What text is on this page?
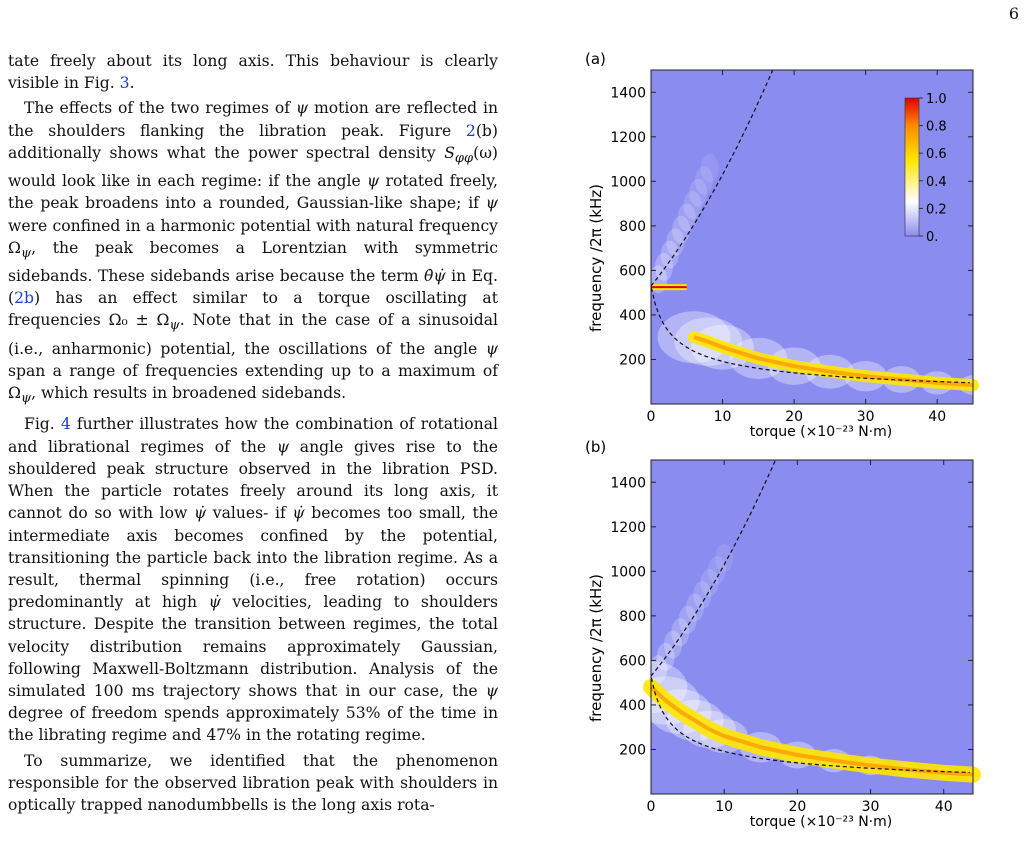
6

tate freely about its long axis. This behaviour is clearly visible in Fig. 3.

The effects of the two regimes of ψ motion are reflected in the shoulders flanking the libration peak. Figure 2(b) additionally shows what the power spectral density $S_{\varphi\varphi}(\omega)$ would look like in each regime: if the angle ψ rotated freely, the peak broadens into a rounded, Gaussian-like shape; if ψ were confined in a harmonic potential with natural frequency $\Omega_\psi$, the peak becomes a Lorentzian with symmetric sidebands. These sidebands arise because the term θ̇ψ̇ in Eq. (2b) has an effect similar to a torque oscillating at frequencies $\Omega_0 \pm \Omega_\psi$. Note that in the case of a sinusoidal (i.e., anharmonic) potential, the oscillations of the angle ψ span a range of frequencies extending up to a maximum of $\Omega_\psi$, which results in broadened sidebands.

Fig. 4 further illustrates how the combination of rotational and librational regimes of the ψ angle gives rise to the shouldered peak structure observed in the libration PSD. When the particle rotates freely around its long axis, it cannot do so with low ψ̇ values- if ψ̇ becomes too small, the intermediate axis becomes confined by the potential, transitioning the particle back into the libration regime. As a result, thermal spinning (i.e., free rotation) occurs predominantly at high ψ̇ velocities, leading to shoulders structure. Despite the transition between regimes, the total velocity distribution remains approximately Gaussian, following Maxwell-Boltzmann distribution. Analysis of the simulated 100 ms trajectory shows that in our case, the ψ degree of freedom spends approximately 53% of the time in the librating regime and 47% in the rotating regime.

To summarize, we identified that the phenomenon responsible for the observed libration peak with shoulders in optically trapped nanodumbbells is the long axis rota-

(a)
200
400
600
800
1000
1200
1400
0	10	20	30	40
frequency /2π (kHz)
torque (×10⁻²³ N·m)
1.0
0.8
0.6
0.4
0.2
0.
(b)
200
400
600
800
1000
1200
1400
0	10	20	30	40
frequency /2π (kHz)
torque (×10⁻²³ N·m)
